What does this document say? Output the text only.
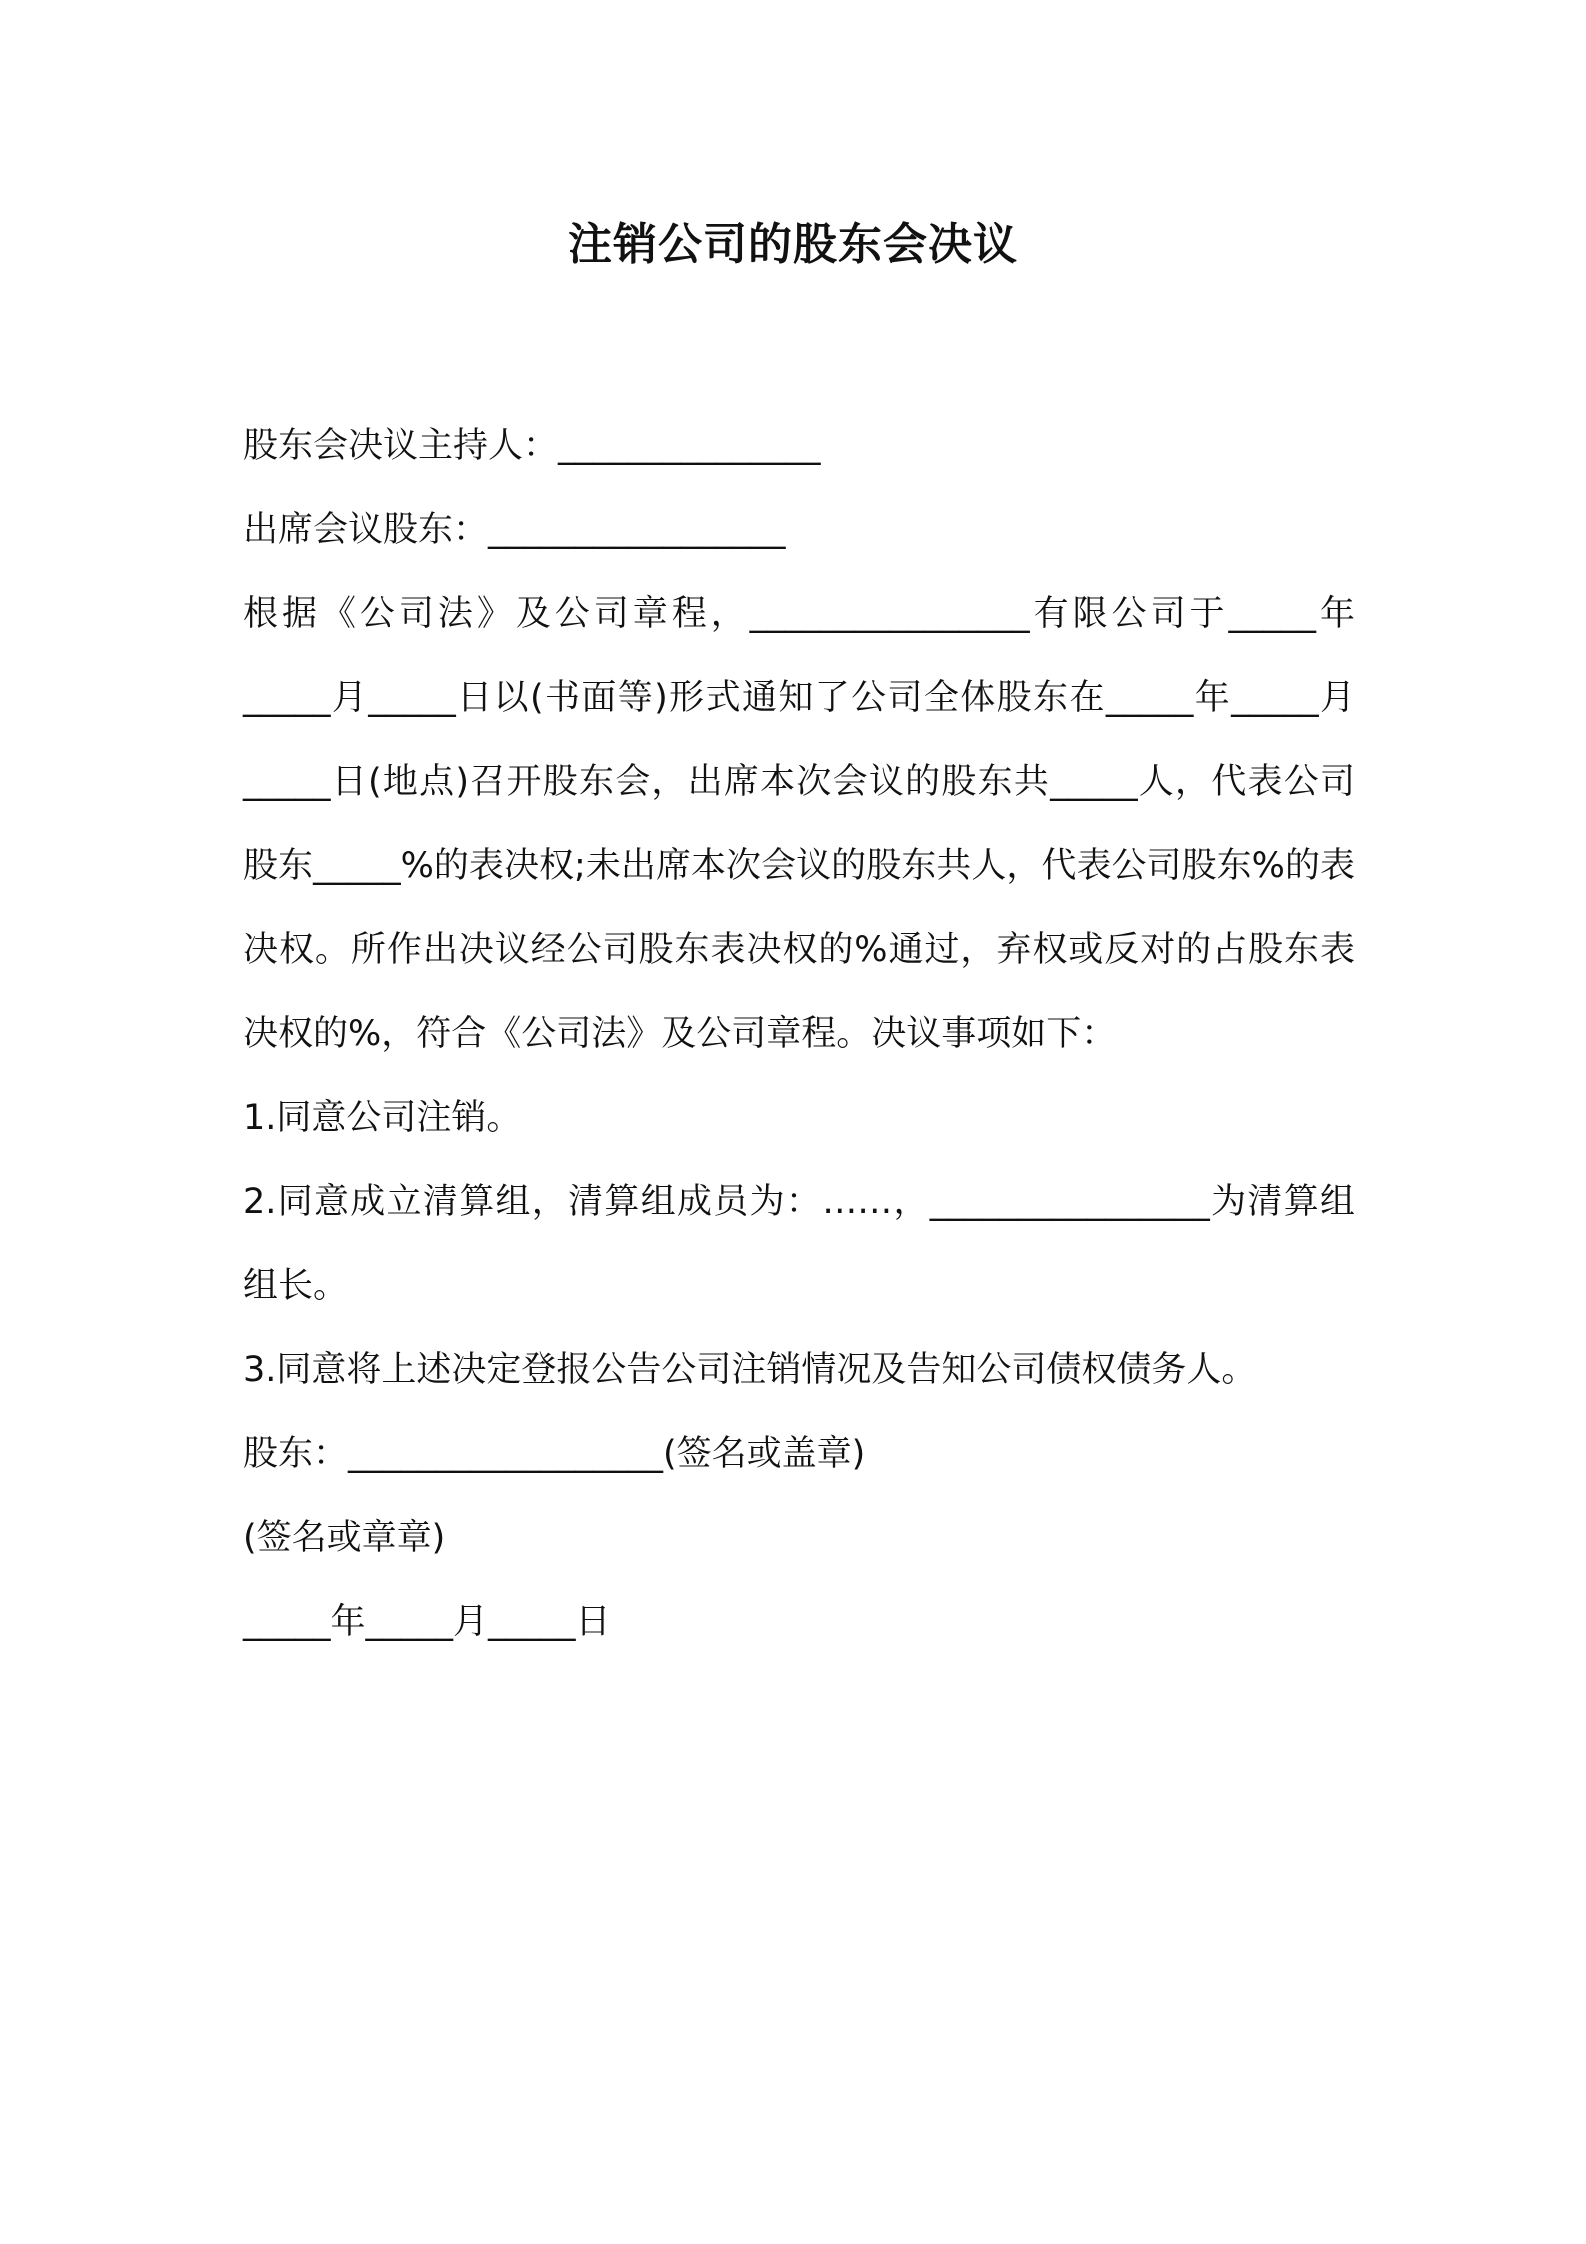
注销公司的股东会决议

股东会决议主持人：_______________

出席会议股东：_________________

根据《公司法》及公司章程，________________有限公司于_____年_____月_____日以(书面等)形式通知了公司全体股东在_____年_____月_____日(地点)召开股东会，出席本次会议的股东共_____人，代表公司股东_____%的表决权;未出席本次会议的股东共人，代表公司股东%的表决权。所作出决议经公司股东表决权的%通过，弃权或反对的占股东表决权的%，符合《公司法》及公司章程。决议事项如下：

1.同意公司注销。

2.同意成立清算组，清算组成员为：……，________________为清算组组长。

3.同意将上述决定登报公告公司注销情况及告知公司债权债务人。

股东：__________________(签名或盖章)

(签名或章章)

_____年_____月_____日
